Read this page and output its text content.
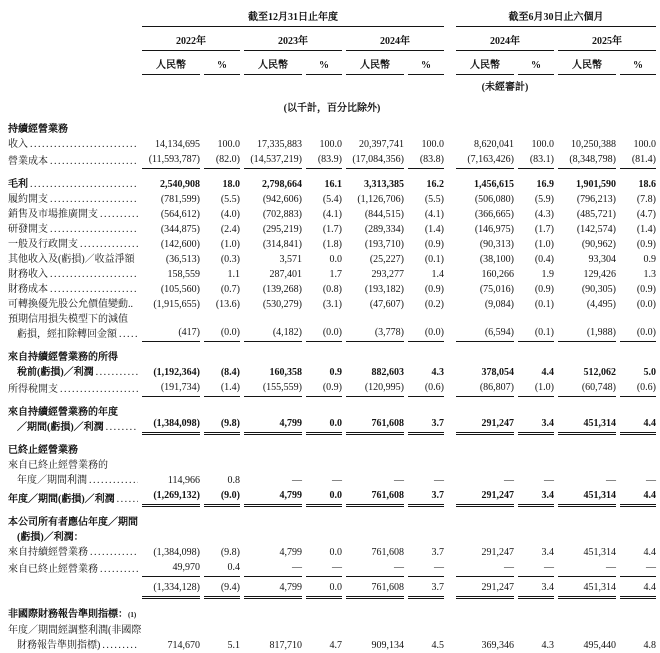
截至12月31日止年度	截至6月30日止六個月
2022年	2023年	2024年	2024年	2025年
人民幣	%	人民幣	%	人民幣	%	人民幣	%	人民幣	%
(未經審計)
(以千計，百分比除外)
持續經營業務
收入 .....	14,134,695	100.0	17,335,883	100.0	20,397,741	100.0	8,620,041	100.0	10,250,388	100.0
營業成本 .....	(11,593,787)	(82.0)	(14,537,219)	(83.9)	(17,084,356)	(83.8)	(7,163,426)	(83.1)	(8,348,798)	(81.4)
毛利 .....	2,540,908	18.0	2,798,664	16.1	3,313,385	16.2	1,456,615	16.9	1,901,590	18.6
履約開支 .....	(781,599)	(5.5)	(942,606)	(5.4)	(1,126,706)	(5.5)	(506,080)	(5.9)	(796,213)	(7.8)
銷售及市場推廣開支 .....	(564,612)	(4.0)	(702,883)	(4.1)	(844,515)	(4.1)	(366,665)	(4.3)	(485,721)	(4.7)
研發開支 .....	(344,875)	(2.4)	(295,219)	(1.7)	(289,334)	(1.4)	(146,975)	(1.7)	(142,574)	(1.4)
一般及行政開支 .....	(142,600)	(1.0)	(314,841)	(1.8)	(193,710)	(0.9)	(90,313)	(1.0)	(90,962)	(0.9)
其他收入及(虧損)／收益淨額	(36,513)	(0.3)	3,571	0.0	(25,227)	(0.1)	(38,100)	(0.4)	93,304	0.9
財務收入 .....	158,559	1.1	287,401	1.7	293,277	1.4	160,266	1.9	129,426	1.3
財務成本 .....	(105,560)	(0.7)	(139,268)	(0.8)	(193,182)	(0.9)	(75,016)	(0.9)	(90,305)	(0.9)
可轉換優先股公允價值變動..	(1,915,655)	(13.6)	(530,279)	(3.1)	(47,607)	(0.2)	(9,084)	(0.1)	(4,495)	(0.0)
預期信用損失模型下的減值
虧損，經扣除轉回金額 .....	(417)	(0.0)	(4,182)	(0.0)	(3,778)	(0.0)	(6,594)	(0.1)	(1,988)	(0.0)
來自持續經營業務的所得
稅前(虧損)／利潤 .....	(1,192,364)	(8.4)	160,358	0.9	882,603	4.3	378,054	4.4	512,062	5.0
所得稅開支 .....	(191,734)	(1.4)	(155,559)	(0.9)	(120,995)	(0.6)	(86,807)	(1.0)	(60,748)	(0.6)
來自持續經營業務的年度
／期間(虧損)／利潤 .....	(1,384,098)	(9.8)	4,799	0.0	761,608	3.7	291,247	3.4	451,314	4.4
已終止經營業務
來自已終止經營業務的
年度／期間利潤 .....	114,966	0.8	—	—	—	—	—	—	—	—
年度／期間(虧損)／利潤 .....	(1,269,132)	(9.0)	4,799	0.0	761,608	3.7	291,247	3.4	451,314	4.4
本公司所有者應佔年度／期間
(虧損)／利潤：
來自持續經營業務 .....	(1,384,098)	(9.8)	4,799	0.0	761,608	3.7	291,247	3.4	451,314	4.4
來自已終止經營業務 .....	49,970	0.4	—	—	—	—	—	—	—	—
(1,334,128)	(9.4)	4,799	0.0	761,608	3.7	291,247	3.4	451,314	4.4
非國際財務報告準則指標： (1)
年度／期間經調整利潤(非國際
財務報告準則指標) .....	714,670	5.1	817,710	4.7	909,134	4.5	369,346	4.3	495,440	4.8
